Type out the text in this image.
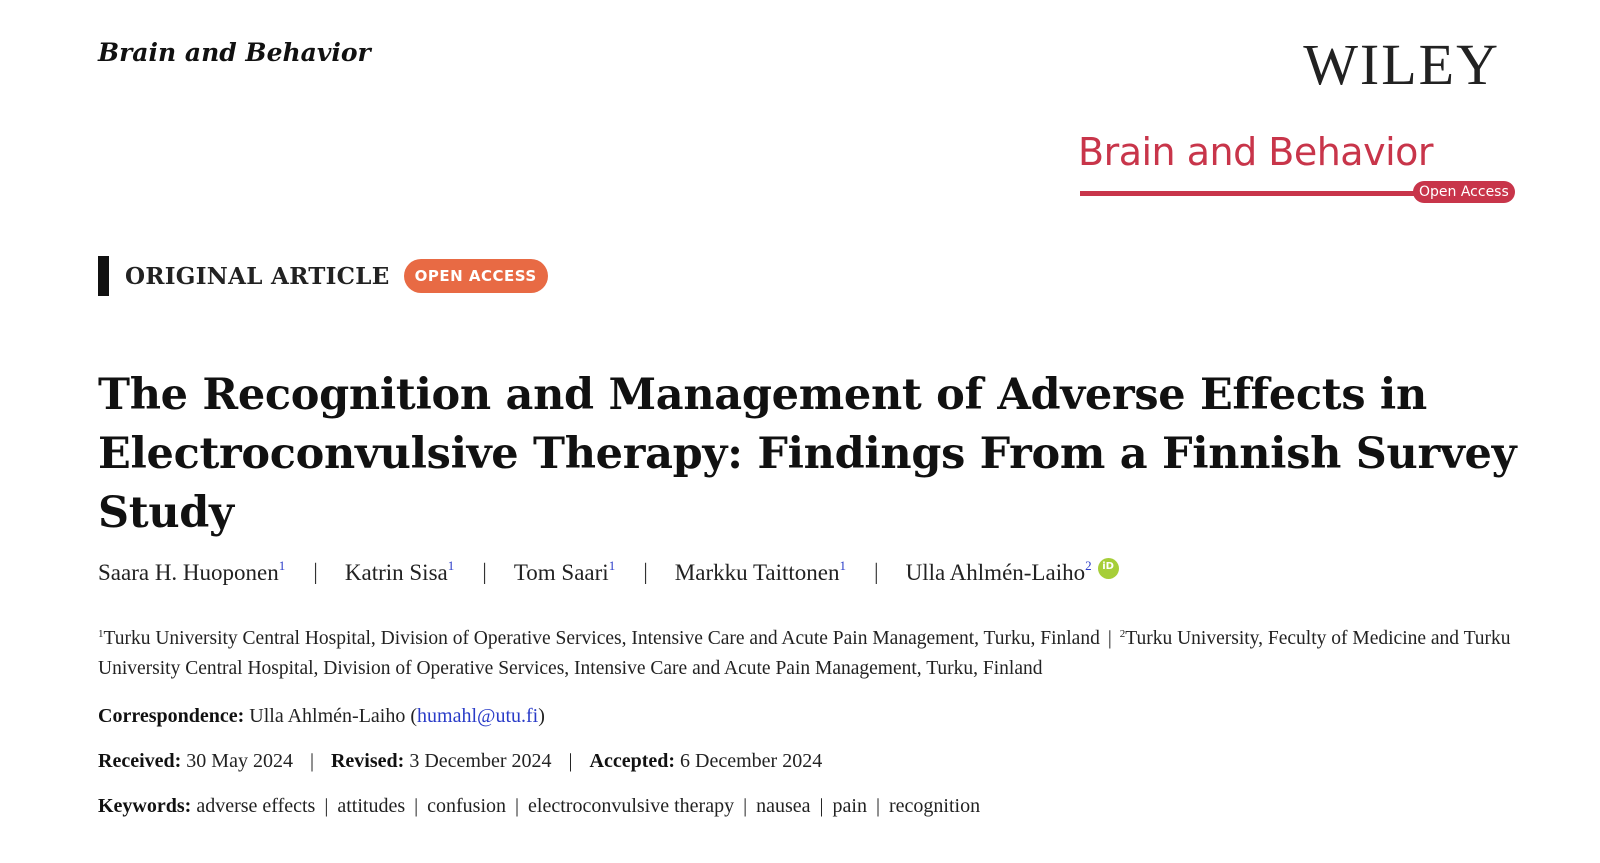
Brain and Behavior	WILEY
Brain and Behavior
Open Access
ORIGINAL ARTICLE	OPEN ACCESS
The Recognition and Management of Adverse Effects in Electroconvulsive Therapy: Findings From a Finnish Survey Study
Saara H. Huoponen$^1$ | Katrin Sisa$^1$ | Tom Saari$^1$ | Markku Taittonen$^1$ | Ulla Ahlmén-Laiho$^2$	iD
$^1$Turku University Central Hospital, Division of Operative Services, Intensive Care and Acute Pain Management, Turku, Finland | $^2$Turku University, Feculty of Medicine and Turku University Central Hospital, Division of Operative Services, Intensive Care and Acute Pain Management, Turku, Finland
Correspondence: Ulla Ahlmén-Laiho (humahl@utu.fi)
Received: 30 May 2024 | Revised: 3 December 2024 | Accepted: 6 December 2024
Keywords: adverse effects | attitudes | confusion | electroconvulsive therapy | nausea | pain | recognition
